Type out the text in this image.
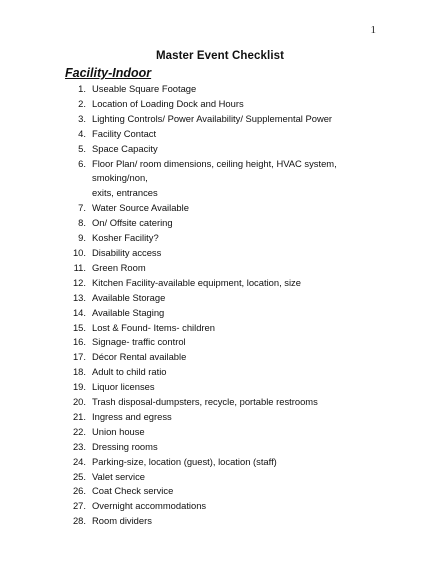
1
Master Event Checklist
Facility-Indoor
1. Useable Square Footage
2. Location of Loading Dock and Hours
3. Lighting Controls/ Power Availability/ Supplemental Power
4. Facility Contact
5. Space Capacity
6. Floor Plan/ room dimensions, ceiling height, HVAC system, smoking/non,
exits, entrances
7. Water Source Available
8. On/ Offsite catering
9. Kosher Facility?
10. Disability access
11. Green Room
12. Kitchen Facility-available equipment, location, size
13. Available Storage
14. Available Staging
15. Lost & Found- Items- children
16. Signage- traffic control
17. Décor Rental available
18. Adult to child ratio
19. Liquor licenses
20. Trash disposal-dumpsters, recycle, portable restrooms
21. Ingress and egress
22. Union house
23. Dressing rooms
24. Parking-size, location (guest), location (staff)
25. Valet service
26. Coat Check service
27. Overnight accommodations
28. Room dividers
